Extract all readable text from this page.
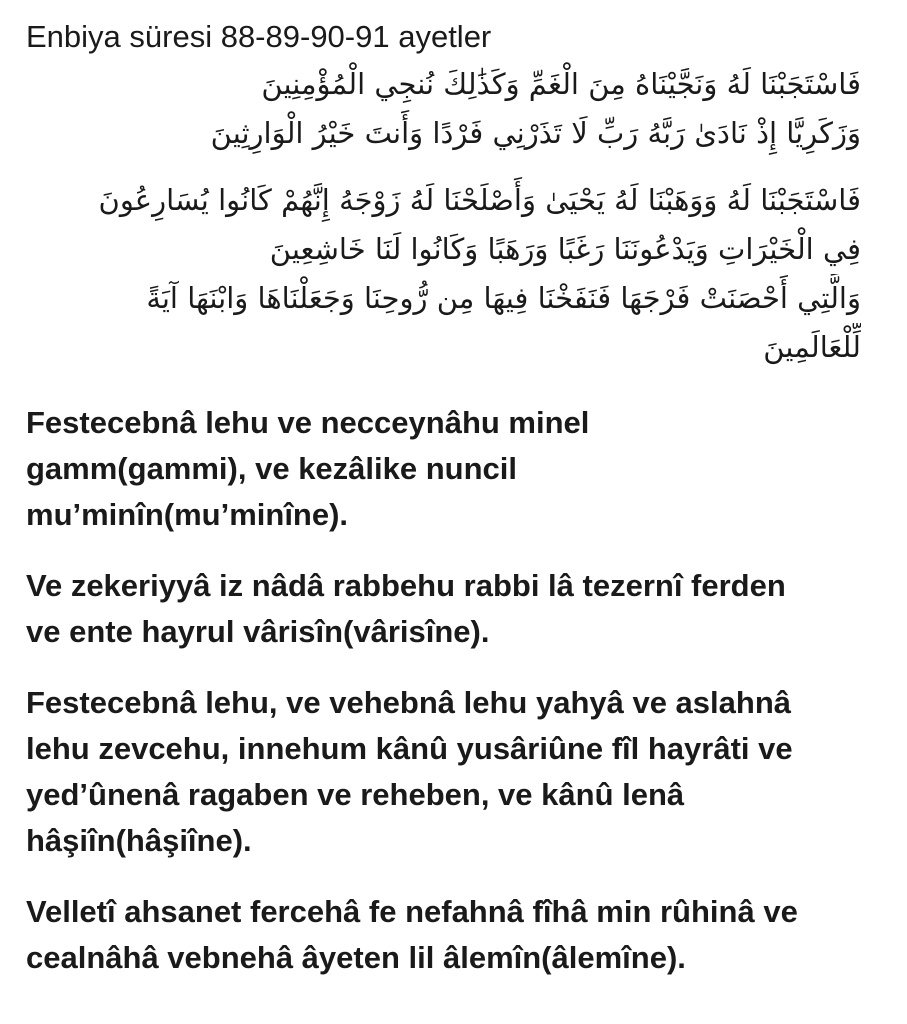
Enbiya süresi 88-89-90-91 ayetler
فَاسْتَجَبْنَا لَهُ وَنَجَّيْنَاهُ مِنَ الْغَمِّ وَكَذَٰلِكَ نُنجِي الْمُؤْمِنِينَ
وَزَكَرِيَّا إِذْ نَادَىٰ رَبَّهُ رَبِّ لَا تَذَرْنِي فَرْدًا وَأَنتَ خَيْرُ الْوَارِثِينَ
فَاسْتَجَبْنَا لَهُ وَوَهَبْنَا لَهُ يَحْيَىٰ وَأَصْلَحْنَا لَهُ زَوْجَهُ إِنَّهُمْ كَانُوا يُسَارِعُونَ
فِي الْخَيْرَاتِ وَيَدْعُونَنَا رَغَبًا وَرَهَبًا وَكَانُوا لَنَا خَاشِعِينَ
وَالَّتِي أَحْصَنَتْ فَرْجَهَا فَنَفَخْنَا فِيهَا مِن رُّوحِنَا وَجَعَلْنَاهَا وَابْنَهَا آيَةً
لِّلْعَالَمِينَ
Festecebnâ lehu ve necceynâhu minel
gamm(gammi), ve kezâlike nuncil
mu’minîn(mu’minîne).
Ve zekeriyyâ iz nâdâ rabbehu rabbi lâ tezernî ferden
ve ente hayrul vârisîn(vârisîne).
Festecebnâ lehu, ve vehebnâ lehu yahyâ ve aslahnâ
lehu zevcehu, innehum kânû yusâriûne fîl hayrâti ve
yed’ûnenâ ragaben ve reheben, ve kânû lenâ
hâşiîn(hâşiîne).
Velletî ahsanet fercehâ fe nefahnâ fîhâ min rûhinâ ve
cealnâhâ vebnehâ âyeten lil âlemîn(âlemîne).
